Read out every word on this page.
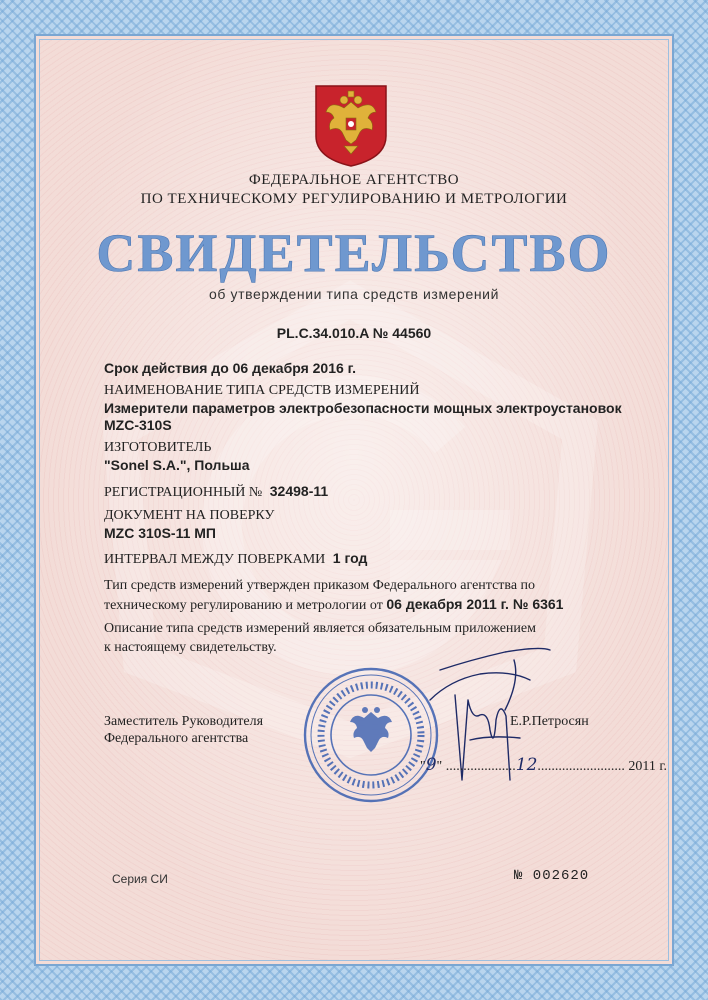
ФЕДЕРАЛЬНОЕ АГЕНТСТВО
ПО ТЕХНИЧЕСКОМУ РЕГУЛИРОВАНИЮ И МЕТРОЛОГИИ
СВИДЕТЕЛЬСТВО
об утверждении типа средств измерений
PL.C.34.010.A № 44560
Срок действия до 06 декабря 2016 г.
НАИМЕНОВАНИЕ ТИПА СРЕДСТВ ИЗМЕРЕНИЙ
Измерители параметров электробезопасности мощных электроустановок
MZC-310S
ИЗГОТОВИТЕЛЬ
"Sonel S.A.", Польша
РЕГИСТРАЦИОННЫЙ № 32498-11
ДОКУМЕНТ НА ПОВЕРКУ
MZC 310S-11 МП
ИНТЕРВАЛ МЕЖДУ ПОВЕРКАМИ 1 год
Тип средств измерений утвержден приказом Федерального агентства по
техническому регулированию и метрологии от 06 декабря 2011 г. № 6361
Описание типа средств измерений является обязательным приложением
к настоящему свидетельству.
Заместитель Руководителя
Федерального агентства
Е.Р.Петросян
"9" ....................12......................... 2011 г.
Серия СИ	№ 002620
